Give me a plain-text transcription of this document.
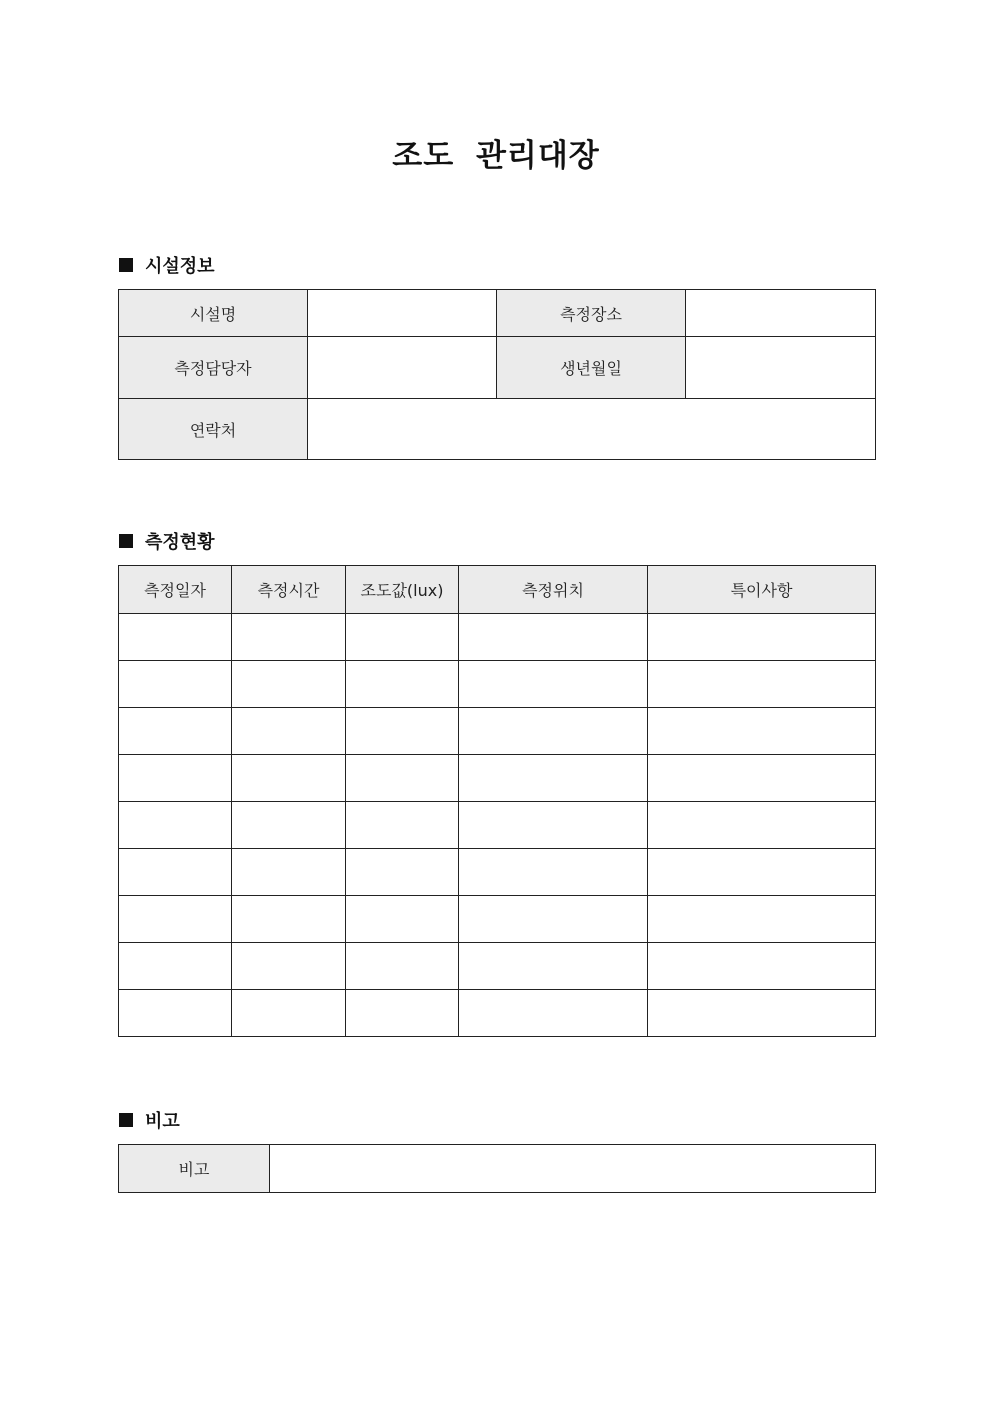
조도 관리대장
시설정보
시설명		측정장소	
측정담당자		생년월일	
연락처			
측정현황
측정일자	측정시간	조도값(lux)	측정위치	특이사항

비고
비고	
